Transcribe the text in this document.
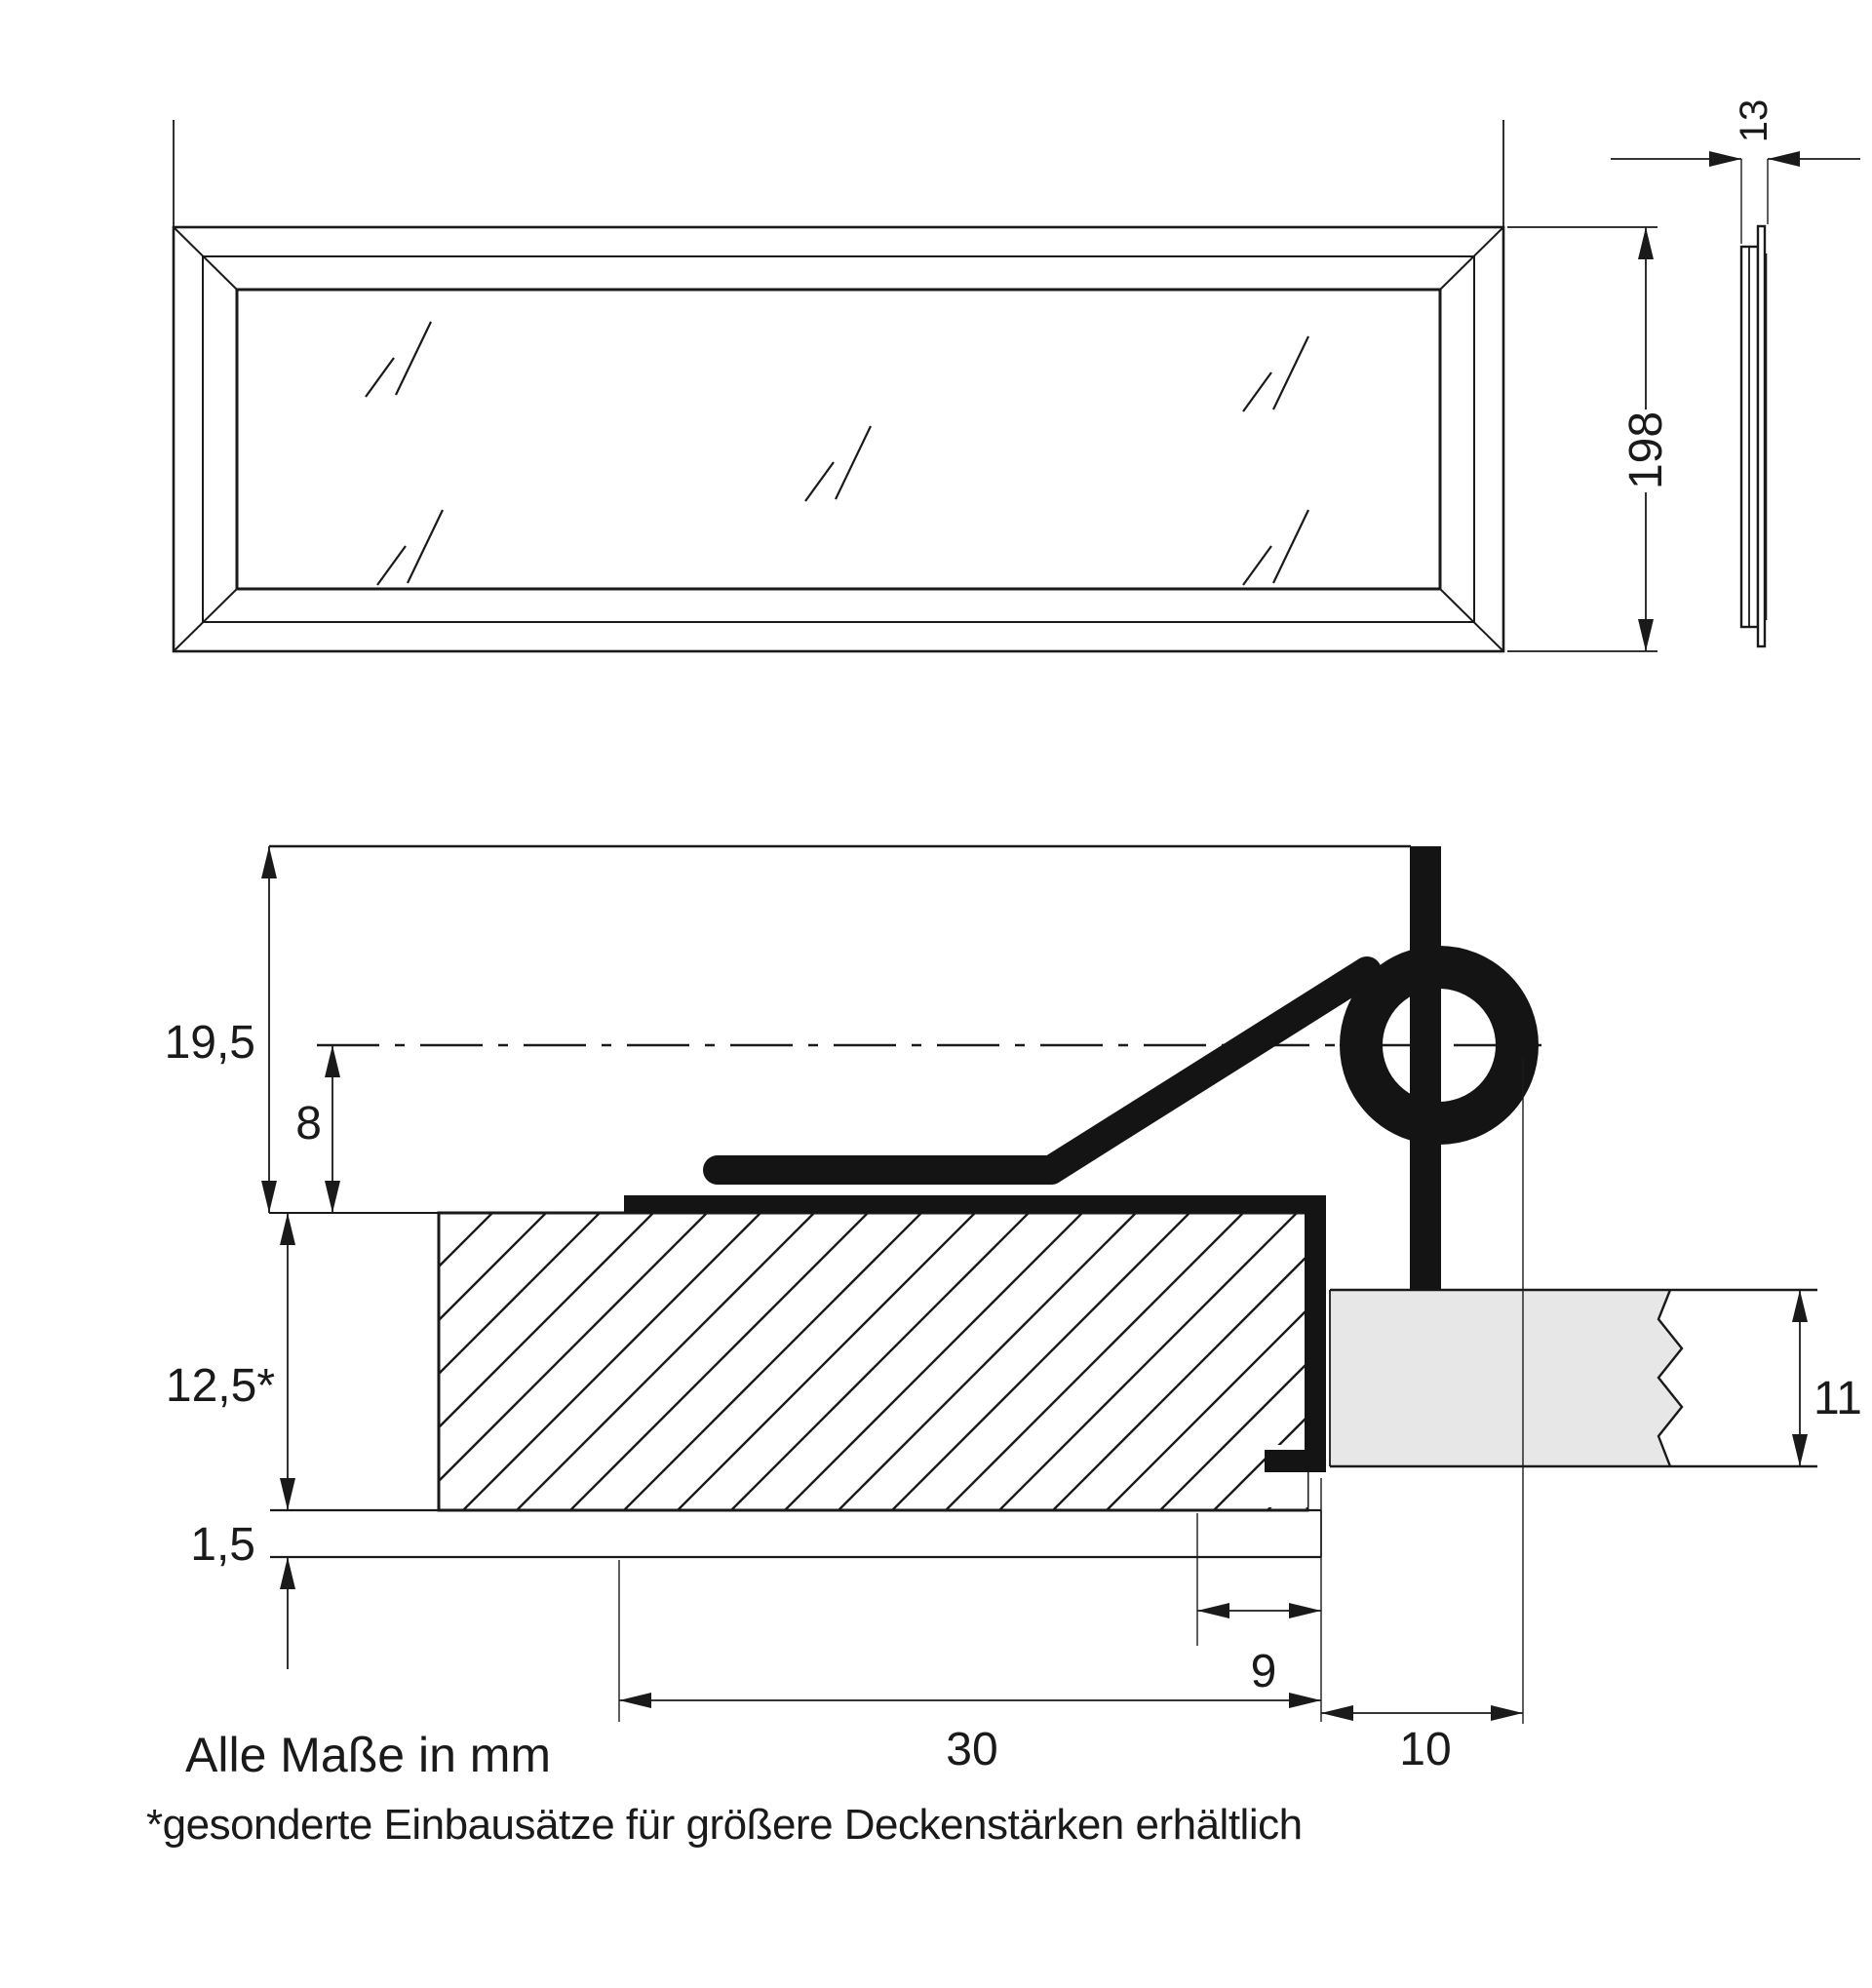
198
13
19,5
8
12,5*
1,5
9
30	10
11
Alle Maße in mm
*gesonderte Einbausätze für größere Deckenstärken erhältlich
